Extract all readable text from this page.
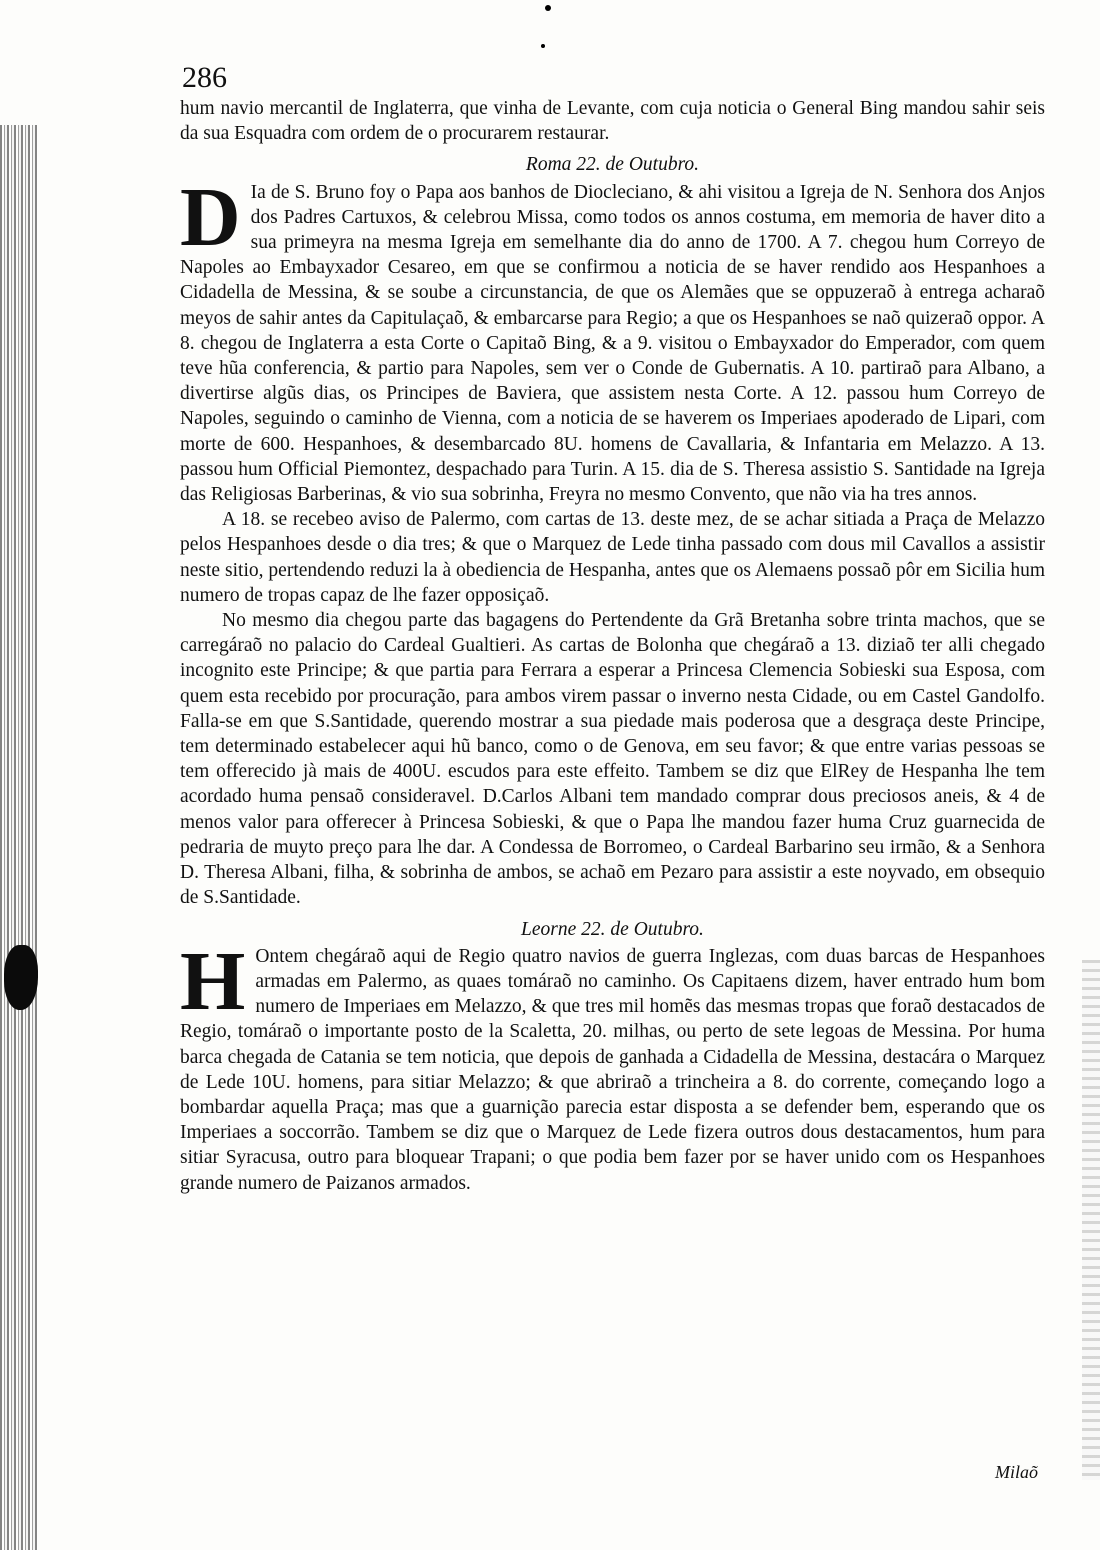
286

hum navio mercantil de Inglaterra, que vinha de Levante, com cuja noticia o General Bing mandou sahir seis da sua Esquadra com ordem de o procurarem restaurar.

Roma 22. de Outubro.

D Ia de S. Bruno foy o Papa aos banhos de Diocleciano, & ahi visitou a Igreja de N. Senhora dos Anjos dos Padres Cartuxos, & celebrou Missa, como todos os annos costuma, em memoria de haver dito a sua primeyra na mesma Igreja em semelhante dia do anno de 1700. A 7. chegou hum Correyo de Napoles ao Embayxador Cesareo, em que se confirmou a noticia de se haver rendido aos Hespanhoes a Cidadella de Messina, & se soube a circunstancia, de que os Alemães que se oppuzeraõ à entrega acharaõ meyos de sahir antes da Capitulaçaõ, & embarcarse para Regio; a que os Hespanhoes se naõ quizeraõ oppor. A 8. chegou de Inglaterra a esta Corte o Capitaõ Bing, & a 9. visitou o Embayxador do Emperador, com quem teve hũa conferencia, & partio para Napoles, sem ver o Conde de Gubernatis. A 10. partiraõ para Albano, a divertirse algũs dias, os Principes de Baviera, que assistem nesta Corte. A 12. passou hum Correyo de Napoles, seguindo o caminho de Vienna, com a noticia de se haverem os Imperiaes apoderado de Lipari, com morte de 600. Hespanhoes, & desembarcado 8U. homens de Cavallaria, & Infantaria em Melazzo. A 13. passou hum Official Piemontez, despachado para Turin. A 15. dia de S. Theresa assistio S. Santidade na Igreja das Religiosas Barberinas, & vio sua sobrinha, Freyra no mesmo Convento, que não via ha tres annos.

A 18. se recebeo aviso de Palermo, com cartas de 13. deste mez, de se achar sitiada a Praça de Melazzo pelos Hespanhoes desde o dia tres; & que o Marquez de Lede tinha passado com dous mil Cavallos a assistir neste sitio, pertendendo reduzi la à obediencia de Hespanha, antes que os Alemaens possaõ pôr em Sicilia hum numero de tropas capaz de lhe fazer opposiçaõ.

No mesmo dia chegou parte das bagagens do Pertendente da Grã Bretanha sobre trinta machos, que se carregáraõ no palacio do Cardeal Gualtieri. As cartas de Bolonha que chegáraõ a 13. diziaõ ter alli chegado incognito este Principe; & que partia para Ferrara a esperar a Princesa Clemencia Sobieski sua Esposa, com quem esta recebido por procuração, para ambos virem passar o inverno nesta Cidade, ou em Castel Gandolfo. Falla-se em que S.Santidade, querendo mostrar a sua piedade mais poderosa que a desgraça deste Principe, tem determinado estabelecer aqui hũ banco, como o de Genova, em seu favor; & que entre varias pessoas se tem offerecido jà mais de 400U. escudos para este effeito. Tambem se diz que ElRey de Hespanha lhe tem acordado huma pensaõ consideravel. D.Carlos Albani tem mandado comprar dous preciosos aneis, & 4 de menos valor para offerecer à Princesa Sobieski, & que o Papa lhe mandou fazer huma Cruz guarnecida de pedraria de muyto preço para lhe dar. A Condessa de Borromeo, o Cardeal Barbarino seu irmão, & a Senhora D. Theresa Albani, filha, & sobrinha de ambos, se achaõ em Pezaro para assistir a este noyvado, em obsequio de S.Santidade.

Leorne 22. de Outubro.

H Ontem chegáraõ aqui de Regio quatro navios de guerra Inglezas, com duas barcas de Hespanhoes armadas em Palermo, as quaes tomáraõ no caminho. Os Capitaens dizem, haver entrado hum bom numero de Imperiaes em Melazzo, & que tres mil homẽs das mesmas tropas que foraõ destacados de Regio, tomáraõ o importante posto de la Scaletta, 20. milhas, ou perto de sete legoas de Messina. Por huma barca chegada de Catania se tem noticia, que depois de ganhada a Cidadella de Messina, destacára o Marquez de Lede 10U. homens, para sitiar Melazzo; & que abriraõ a trincheira a 8. do corrente, começando logo a bombardar aquella Praça; mas que a guarnição parecia estar disposta a se defender bem, esperando que os Imperiaes a soccorrão. Tambem se diz que o Marquez de Lede fizera outros dous destacamentos, hum para sitiar Syracusa, outro para bloquear Trapani; o que podia bem fazer por se haver unido com os Hespanhoes grande numero de Paizanos armados.

Milaõ
